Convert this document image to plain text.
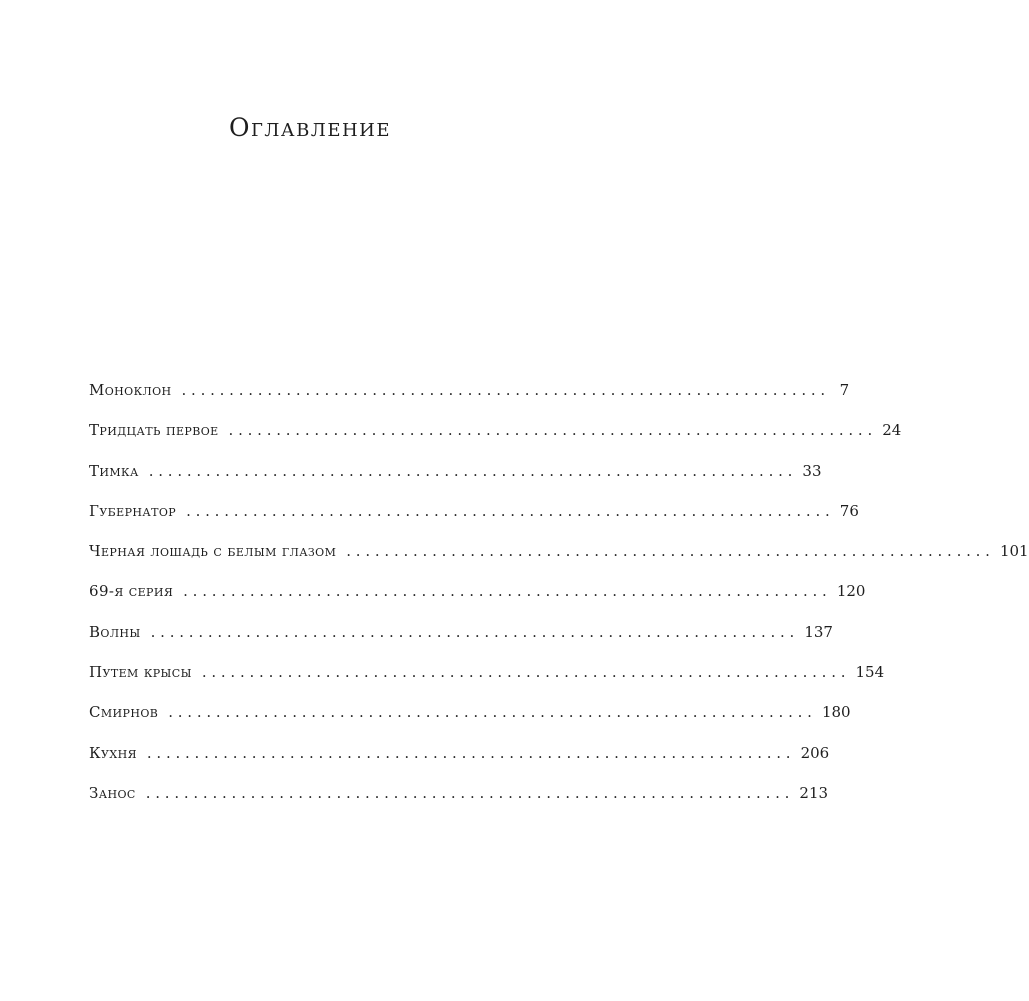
Оглавление
Моноклон . . . . . . . . . . . . . . . . . . . . . . . . . . . . . . . . . . . . . . . . . . . . . . . . . . . . . . . . . . . . . . . . . . . . 7
Тридцать первое . . . . . . . . . . . . . . . . . . . . . . . . . . . . . . . . . . . . . . . . . . . . . . . . . . . . . . . . . . . . . . . . . . . . 24
Тимка . . . . . . . . . . . . . . . . . . . . . . . . . . . . . . . . . . . . . . . . . . . . . . . . . . . . . . . . . . . . . . . . . . . . 33
Губернатор . . . . . . . . . . . . . . . . . . . . . . . . . . . . . . . . . . . . . . . . . . . . . . . . . . . . . . . . . . . . . . . . . . . . 76
Черная лошадь с белым глазом . . . . . . . . . . . . . . . . . . . . . . . . . . . . . . . . . . . . . . . . . . . . . . . . . . . . . . . . . . . . . . . . . . . . 101
69-я серия . . . . . . . . . . . . . . . . . . . . . . . . . . . . . . . . . . . . . . . . . . . . . . . . . . . . . . . . . . . . . . . . . . . . 120
Волны . . . . . . . . . . . . . . . . . . . . . . . . . . . . . . . . . . . . . . . . . . . . . . . . . . . . . . . . . . . . . . . . . . . . 137
Путем крысы . . . . . . . . . . . . . . . . . . . . . . . . . . . . . . . . . . . . . . . . . . . . . . . . . . . . . . . . . . . . . . . . . . . . 154
Смирнов . . . . . . . . . . . . . . . . . . . . . . . . . . . . . . . . . . . . . . . . . . . . . . . . . . . . . . . . . . . . . . . . . . . . 180
Кухня . . . . . . . . . . . . . . . . . . . . . . . . . . . . . . . . . . . . . . . . . . . . . . . . . . . . . . . . . . . . . . . . . . . . 206
Занос . . . . . . . . . . . . . . . . . . . . . . . . . . . . . . . . . . . . . . . . . . . . . . . . . . . . . . . . . . . . . . . . . . . . 213
